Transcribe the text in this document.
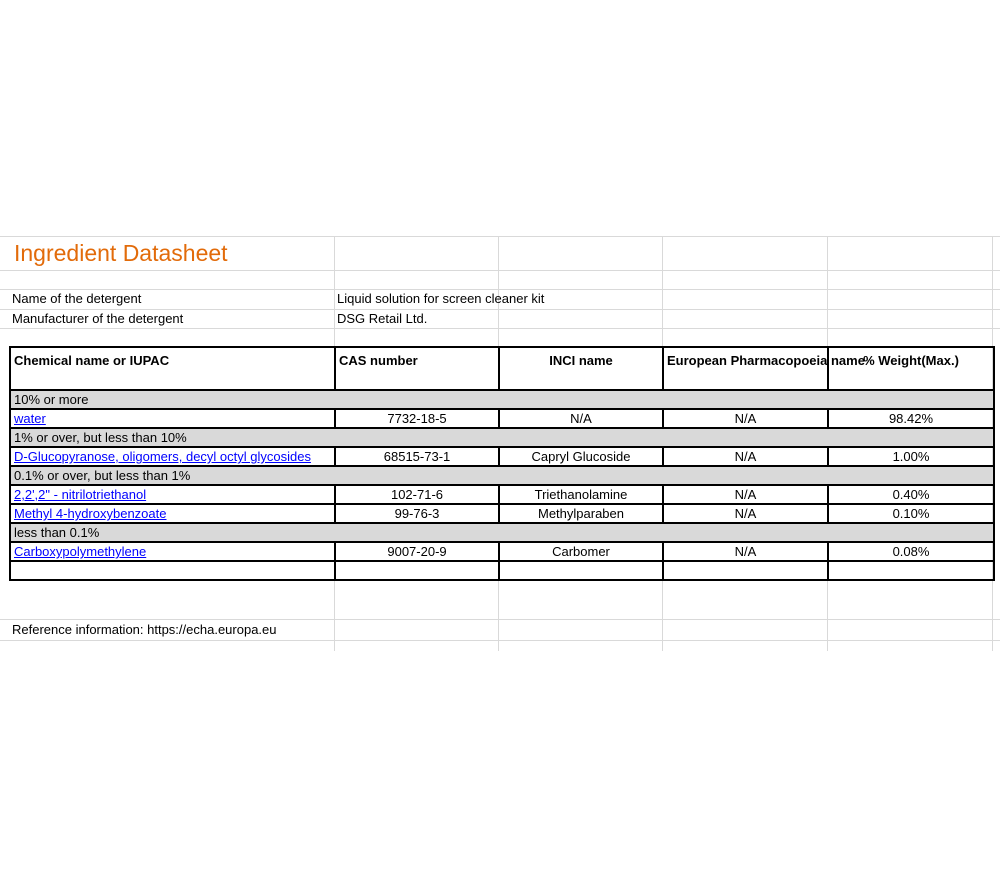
Ingredient Datasheet
Name of the detergent	Liquid solution for screen cleaner kit
Manufacturer of the detergent	DSG Retail Ltd.
Chemical name or IUPAC	CAS number	INCI name	European Pharmacopoeia name	% Weight(Max.)
10% or more				
water	7732-18-5	N/A	N/A	98.42%
1% or over, but less than 10%				
D-Glucopyranose, oligomers, decyl octyl glycosides	68515-73-1	Capryl Glucoside	N/A	1.00%
0.1% or over, but less than 1%				
2,2',2" - nitrilotriethanol	102-71-6	Triethanolamine	N/A	0.40%
Methyl 4-hydroxybenzoate	99-76-3	Methylparaben	N/A	0.10%
less than 0.1%				
Carboxypolymethylene	9007-20-9	Carbomer	N/A	0.08%

Reference information: https://echa.europa.eu
